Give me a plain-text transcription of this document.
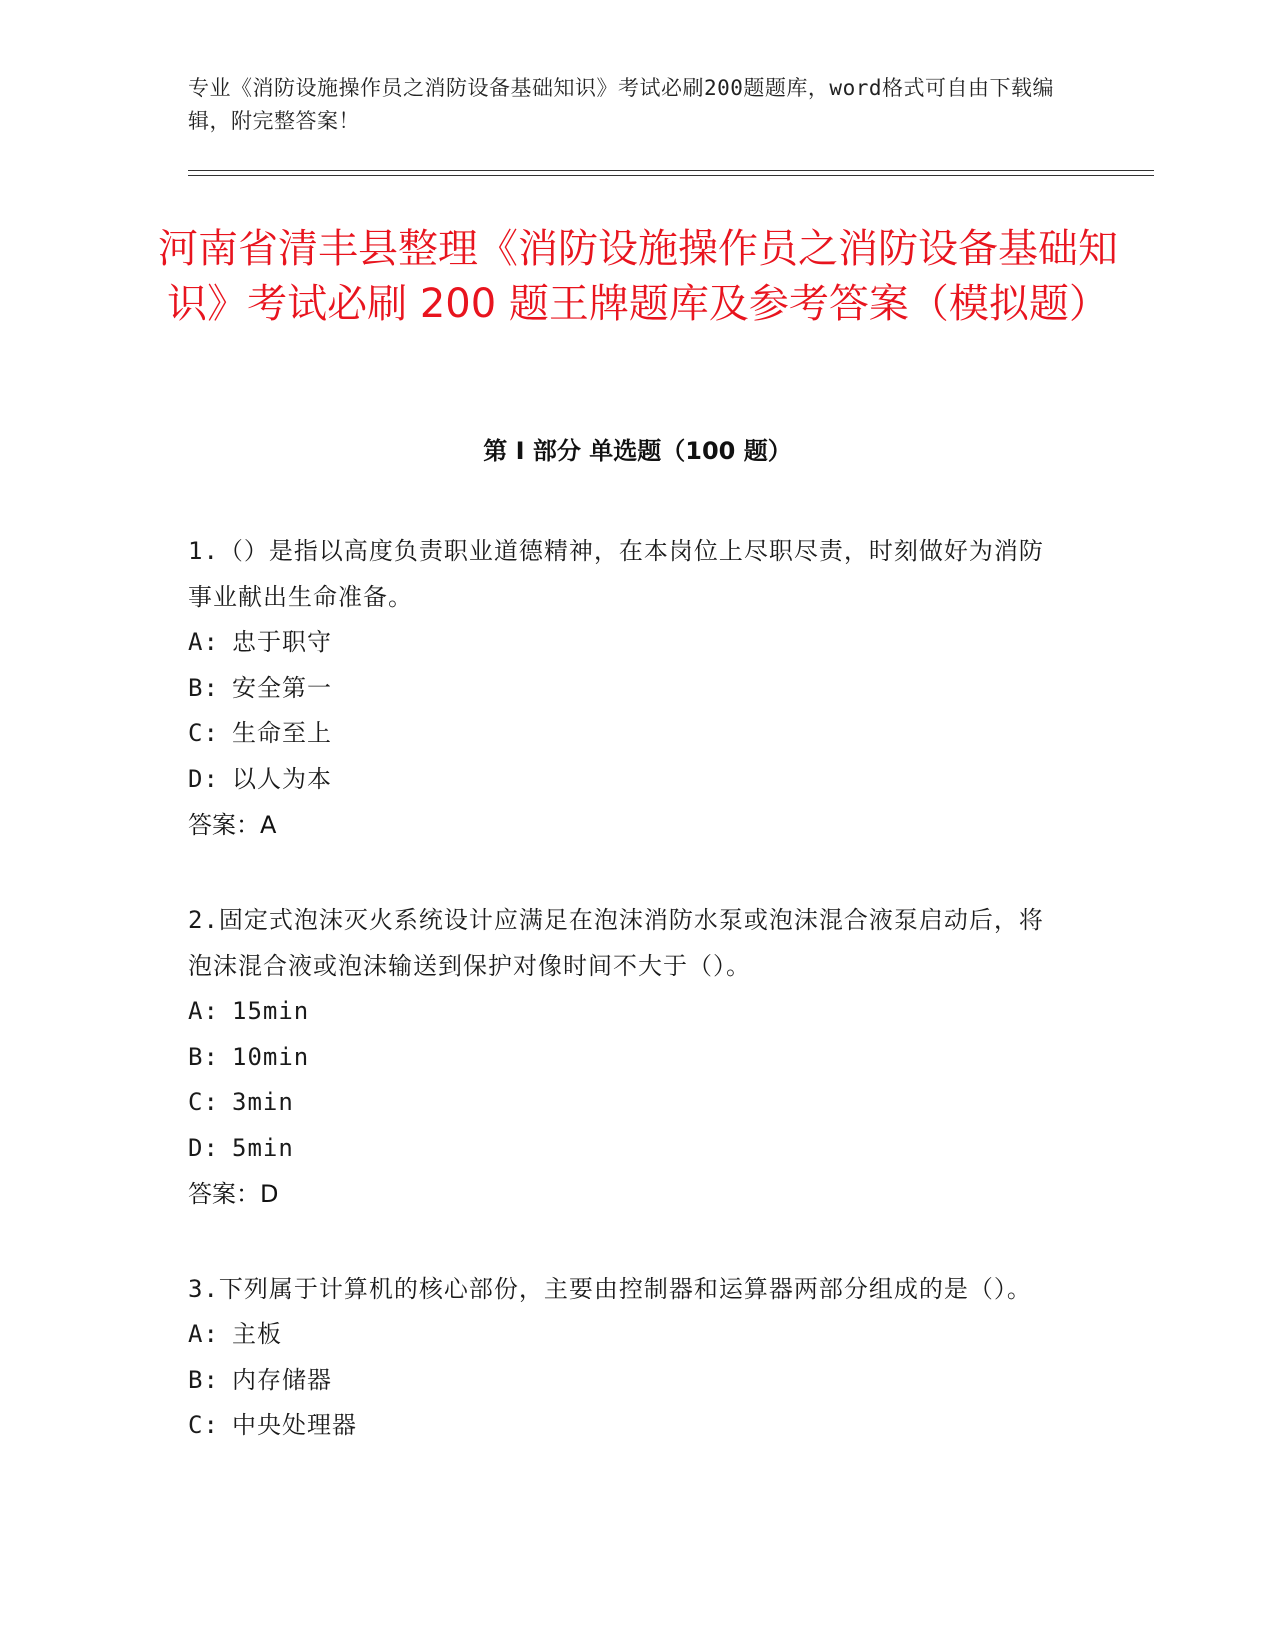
专业《消防设施操作员之消防设备基础知识》考试必刷200题题库，word格式可自由下载编辑，附完整答案！
河南省清丰县整理《消防设施操作员之消防设备基础知识》考试必刷 200 题王牌题库及参考答案（模拟题）
第 I 部分 单选题（100 题）
1.（）是指以高度负责职业道德精神，在本岗位上尽职尽责，时刻做好为消防事业献出生命准备。
A: 忠于职守
B: 安全第一
C: 生命至上
D: 以人为本
答案：A
2.固定式泡沫灭火系统设计应满足在泡沫消防水泵或泡沫混合液泵启动后，将泡沫混合液或泡沫输送到保护对像时间不大于（）。
A: 15min
B: 10min
C: 3min
D: 5min
答案：D
3.下列属于计算机的核心部份，主要由控制器和运算器两部分组成的是（）。
A: 主板
B: 内存储器
C: 中央处理器
